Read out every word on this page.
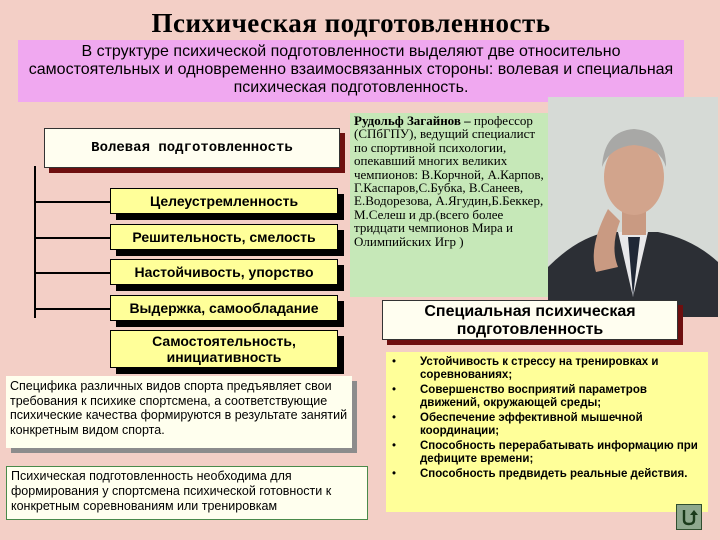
Психическая подготовленность
В структуре психической подготовленности выделяют две относительно самостоятельных и одновременно взаимосвязанных стороны: волевая и специальная психическая подготовленность.
Волевая подготовленность
Целеустремленность
Решительность, смелость
Настойчивость, упорство
Выдержка, самообладание
Самостоятельность, инициативность
Специфика различных видов спорта предъявляет свои требования к психике спортсмена, а соответствующие психические качества формируются в результате занятий конкретным видом спорта.
Психическая подготовленность необходима для формирования у спортсмена психической готовности к конкретным соревнованиям или тренировкам
Рудольф Загайнов – профессор (СПбГПУ), ведущий специалист по спортивной психологии, опекавший многих великих чемпионов: В.Корчной, А.Карпов, Г.Каспаров,С.Бубка, В.Санеев, Е.Водорезова, А.Ягудин,Б.Беккер, М.Селеш и др.(всего более тридцати чемпионов Мира и Олимпийских Игр )
Специальная психическая подготовленность
• Устойчивость к стрессу на тренировках и соревнованиях;
• Совершенство восприятий параметров движений, окружающей среды;
• Обеспечение эффективной мышечной координации;
• Способность перерабатывать информацию при дефиците времени;
• Способность предвидеть реальные действия.
